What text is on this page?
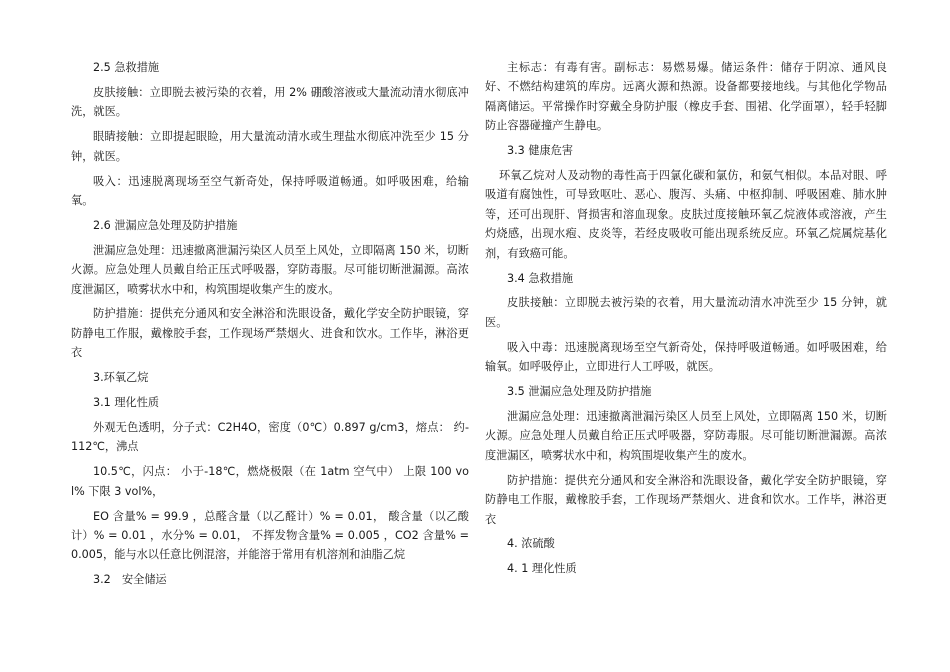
2.5 急救措施

皮肤接触：立即脱去被污染的衣着，用 2% 硼酸溶液或大量流动清水彻底冲洗，就医。

眼睛接触：立即提起眼睑，用大量流动清水或生理盐水彻底冲洗至少 15 分钟，就医。

吸入：迅速脱离现场至空气新奇处，保持呼吸道畅通。如呼吸困难，给输氧。

2.6 泄漏应急处理及防护措施

泄漏应急处理：迅速撤离泄漏污染区人员至上风处，立即隔离 150 米，切断火源。应急处理人员戴自给正压式呼吸器，穿防毒服。尽可能切断泄漏源。高浓度泄漏区，喷雾状水中和，构筑围堤收集产生的废水。

防护措施：提供充分通风和安全淋浴和洗眼设备，戴化学安全防护眼镜，穿防静电工作服，戴橡胶手套，工作现场严禁烟火、进食和饮水。工作毕，淋浴更衣

3.环氧乙烷

3.1 理化性质

外观无色透明，分子式：C2H4O，密度（0℃）0.897 g/cm3，熔点： 约-112℃，沸点

10.5℃，闪点： 小于-18℃，燃烧极限（在 1atm 空气中） 上限 100 vol% 下限 3 vol%，

EO 含量% = 99.9 ，总醛含量（以乙醛计）% = 0.01， 酸含量（以乙酸计）% = 0.01 ，水分% = 0.01， 不挥发物含量% = 0.005 ，CO2 含量% = 0.005，能与水以任意比例混溶，并能溶于常用有机溶剂和油脂乙烷

3.2　安全储运

主标志：有毒有害。副标志：易燃易爆。储运条件：储存于阴凉、通风良好、不燃结构建筑的库房。远离火源和热源。设备都要接地线。与其他化学物品隔离储运。平常操作时穿戴全身防护服（橡皮手套、围裙、化学面罩），轻手轻脚防止容器碰撞产生静电。

3.3 健康危害

环氧乙烷对人及动物的毒性高于四氯化碳和氯仿，和氨气相似。本品对眼、呼吸道有腐蚀性，可导致呕吐、恶心、腹泻、头痛、中枢抑制、呼吸困难、肺水肿等，还可出现肝、肾损害和溶血现象。皮肤过度接触环氧乙烷液体或溶液，产生灼烧感，出现水疱、皮炎等，若经皮吸收可能出现系统反应。环氧乙烷属烷基化剂，有致癌可能。

3.4 急救措施

皮肤接触：立即脱去被污染的衣着，用大量流动清水冲洗至少 15 分钟，就医。

吸入中毒：迅速脱离现场至空气新奇处，保持呼吸道畅通。如呼吸困难，给输氧。如呼吸停止，立即进行人工呼吸，就医。

3.5 泄漏应急处理及防护措施

泄漏应急处理：迅速撤离泄漏污染区人员至上风处，立即隔离 150 米，切断火源。应急处理人员戴自给正压式呼吸器，穿防毒服。尽可能切断泄漏源。高浓度泄漏区，喷雾状水中和，构筑围堤收集产生的废水。

防护措施：提供充分通风和安全淋浴和洗眼设备，戴化学安全防护眼镜，穿防静电工作服，戴橡胶手套，工作现场严禁烟火、进食和饮水。工作毕，淋浴更衣

4. 浓硫酸

4. 1 理化性质
